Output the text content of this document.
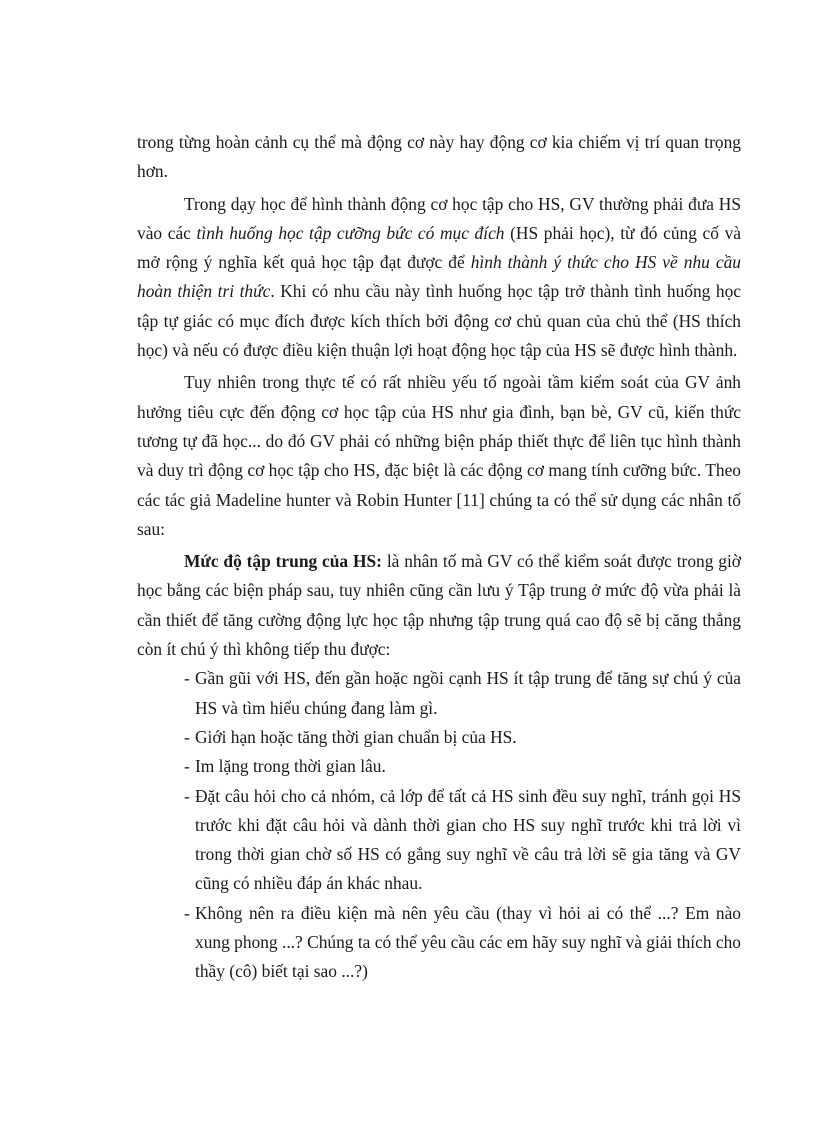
trong từng hoàn cảnh cụ thể mà động cơ này hay động cơ kia chiếm vị trí quan trọng hơn.

Trong dạy học để hình thành động cơ học tập cho HS, GV thường phải đưa HS vào các tình huống học tập cưỡng bức có mục đích (HS phải học), từ đó củng cố và mở rộng ý nghĩa kết quả học tập đạt được để hình thành ý thức cho HS về nhu cầu hoàn thiện tri thức. Khi có nhu cầu này tình huống học tập trở thành tình huống học tập tự giác có mục đích được kích thích bởi động cơ chủ quan của chủ thể (HS thích học) và nếu có được điều kiện thuận lợi hoạt động học tập của HS sẽ được hình thành.

Tuy nhiên trong thực tế có rất nhiều yếu tố ngoài tầm kiểm soát của GV ảnh hưởng tiêu cực đến động cơ học tập của HS như gia đình, bạn bè, GV cũ, kiến thức tương tự đã học... do đó GV phải có những biện pháp thiết thực để liên tục hình thành và duy trì động cơ học tập cho HS, đặc biệt là các động cơ mang tính cưỡng bức. Theo các tác giả Madeline hunter và Robin Hunter [11] chúng ta có thể sử dụng các nhân tố sau:

Mức độ tập trung của HS: là nhân tố mà GV có thể kiểm soát được trong giờ học bằng các biện pháp sau, tuy nhiên cũng cần lưu ý Tập trung ở mức độ vừa phải là cần thiết để tăng cường động lực học tập nhưng tập trung quá cao độ sẽ bị căng thẳng còn ít chú ý thì không tiếp thu được:

- Gần gũi với HS, đến gần hoặc ngồi cạnh HS ít tập trung để tăng sự chú ý của HS và tìm hiểu chúng đang làm gì.
- Giới hạn hoặc tăng thời gian chuẩn bị của HS.
- Im lặng trong thời gian lâu.
- Đặt câu hỏi cho cả nhóm, cả lớp để tất cả HS sinh đều suy nghĩ, tránh gọi HS trước khi đặt câu hỏi và dành thời gian cho HS suy nghĩ trước khi trả lời vì trong thời gian chờ số HS có gắng suy nghĩ về câu trả lời sẽ gia tăng và GV cũng có nhiều đáp án khác nhau.
- Không nên ra điều kiện mà nên yêu cầu (thay vì hỏi ai có thể ...? Em nào xung phong ...? Chúng ta có thể yêu cầu các em hãy suy nghĩ và giải thích cho thầy (cô) biết tại sao ...?)
